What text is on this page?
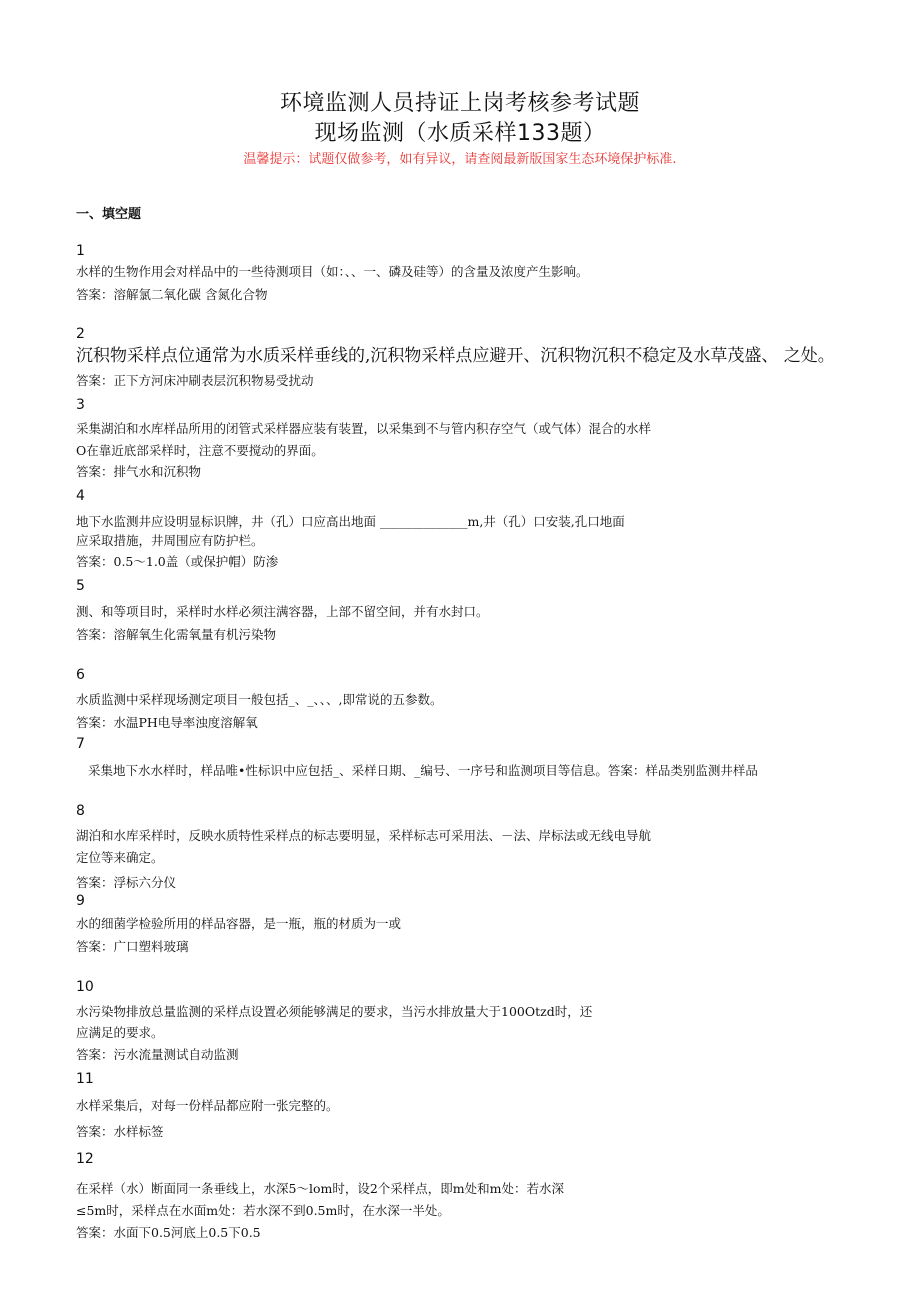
环境监测人员持证上岗考核参考试题
现场监测（水质采样133题）
温馨提示：试题仅做参考，如有异议，请查阅最新版国家生态环境保护标准.
一、填空题
1
水样的生物作用会对样品中的一些待测项目（如：、、一、磷及硅等）的含量及浓度产生影响。
答案：溶解氯二氧化碳 含氮化合物
2
沉积物采样点位通常为水质采样垂线的,沉积物采样点应避开、沉积物沉积不稳定及水草茂盛、 之处。
答案：正下方河床冲刷表层沉积物易受扰动
3
采集湖泊和水库样品所用的闭管式采样器应装有装置，以采集到不与管内积存空气（或气体）混合的水样
O在靠近底部采样时，注意不要搅动的界面。
答案：排气水和沉积物
4
地下水监测井应设明显标识牌，井（孔）口应高出地面 ______________m,井（孔）口安装,孔口地面
应采取措施，井周围应有防护栏。
答案：0.5～1.0盖（或保护帽）防渗
5
测、和等项目时，采样时水样必须注满容器，上部不留空间，并有水封口。
答案：溶解氧生化需氧量有机污染物
6
水质监测中采样现场测定项目一般包括_、_、、、,即常说的五参数。
答案：水温PH电导率浊度溶解氧
7
采集地下水水样时，样品唯•性标识中应包括_、采样日期、_编号、一序号和监测项目等信息。答案：样品类别监测井样品
8
湖泊和水库采样时，反映水质特性采样点的标志要明显，采样标志可采用法、－法、岸标法或无线电导航
定位等来确定。
答案：浮标六分仪
9
水的细菌学检验所用的样品容器，是一瓶，瓶的材质为一或
答案：广口塑料玻璃
10
水污染物排放总量监测的采样点设置必须能够满足的要求，当污水排放量大于100Otzd时，还
应满足的要求。
答案：污水流量测试自动监测
11
水样采集后，对每一份样品都应附一张完整的。
答案：水样标签
12
在采样（水）断面同一条垂线上，水深5～lom时，设2个采样点，即m处和m处：若水深
≤5m时，采样点在水面m处：若水深不到0.5m时，在水深一半处。
答案：水面下0.5河底上0.5下0.5
